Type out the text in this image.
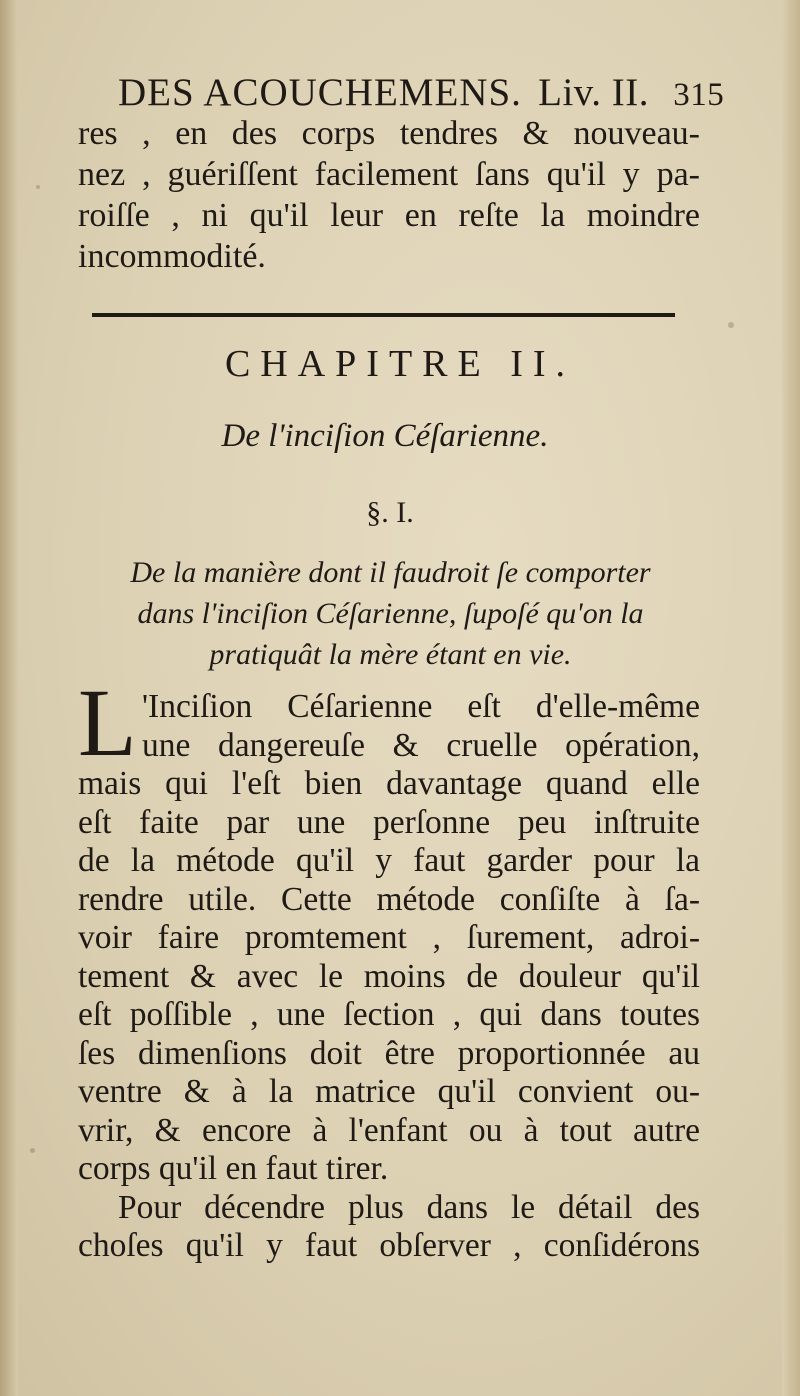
DES ACOUCHEMENS. Liv. II. 315
res , en des corps tendres & nouveau-
nez , guériſſent facilement ſans qu'il y pa-
roiſſe , ni qu'il leur en reſte la moindre
incommodité.
CHAPITRE II.
De l'inciſion Céſarienne.
§. I.
De la manière dont il faudroit ſe comporter
dans l'inciſion Céſarienne, ſupoſé qu'on la
pratiquât la mère étant en vie.
L 'Inciſion Céſarienne eſt d'elle-même
une dangereuſe & cruelle opération,
mais qui l'eſt bien davantage quand elle
eſt faite par une perſonne peu inſtruite
de la métode qu'il y faut garder pour la
rendre utile. Cette métode conſiſte à ſa-
voir faire promtement , ſurement, adroi-
tement & avec le moins de douleur qu'il
eſt poſſible , une ſection , qui dans toutes
ſes dimenſions doit être proportionnée au
ventre & à la matrice qu'il convient ou-
vrir, & encore à l'enfant ou à tout autre
corps qu'il en faut tirer.
Pour décendre plus dans le détail des
choſes qu'il y faut obſerver , conſidérons
